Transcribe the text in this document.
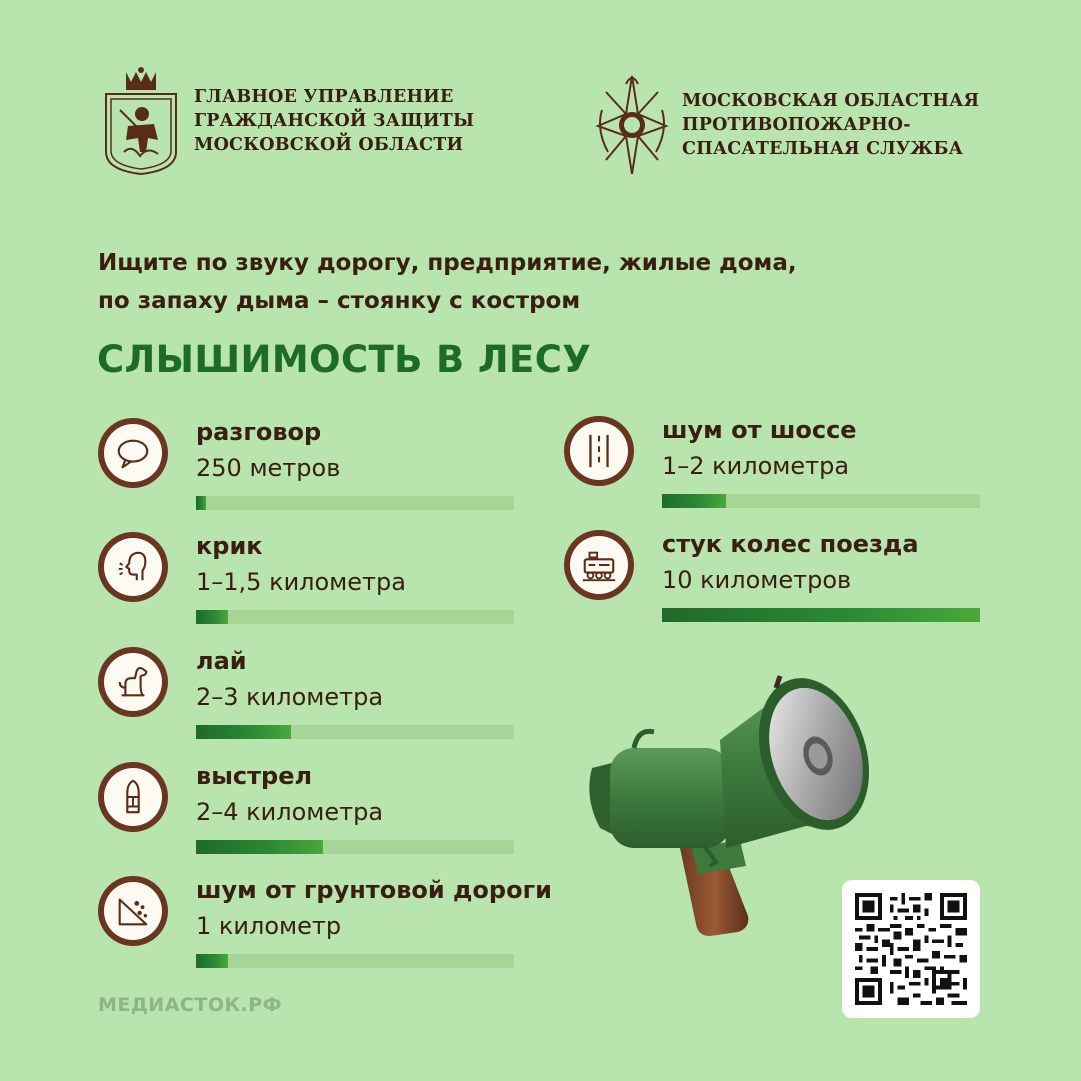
ГЛАВНОЕ УПРАВЛЕНИЕ
ГРАЖДАНСКОЙ ЗАЩИТЫ
МОСКОВСКОЙ ОБЛАСТИ
МОСКОВСКАЯ ОБЛАСТНАЯ
ПРОТИВОПОЖАРНО-
СПАСАТЕЛЬНАЯ СЛУЖБА
Ищите по звуку дорогу, предприятие, жилые дома,
по запаху дыма – стоянку с костром
СЛЫШИМОСТЬ В ЛЕСУ
разговор
250 метров
крик
1–1,5 километра
лай
2–3 километра
выстрел
2–4 километра
шум от грунтовой дороги
1 километр
шум от шоссе
1–2 километра
стук колес поезда
10 километров
МЕДИАСТОК.РФ
